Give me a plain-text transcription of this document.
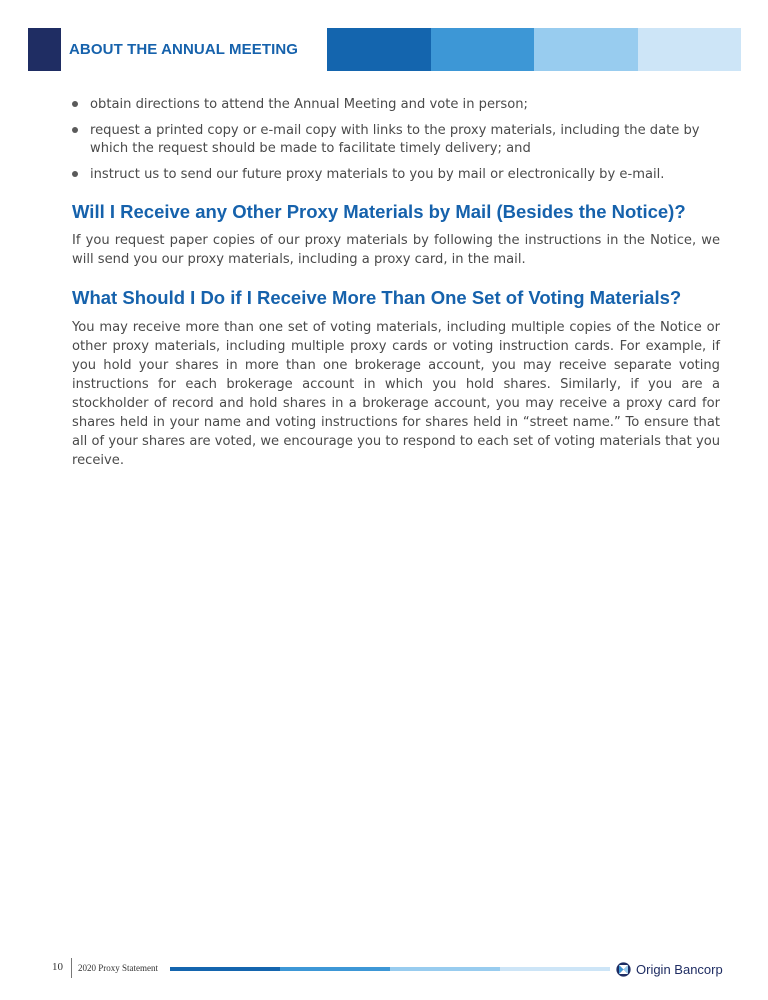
ABOUT THE ANNUAL MEETING
obtain directions to attend the Annual Meeting and vote in person;
request a printed copy or e-mail copy with links to the proxy materials, including the date by which the request should be made to facilitate timely delivery; and
instruct us to send our future proxy materials to you by mail or electronically by e-mail.
Will I Receive any Other Proxy Materials by Mail (Besides the Notice)?

If you request paper copies of our proxy materials by following the instructions in the Notice, we will send you our proxy materials, including a proxy card, in the mail.

What Should I Do if I Receive More Than One Set of Voting Materials?

You may receive more than one set of voting materials, including multiple copies of the Notice or other proxy materials, including multiple proxy cards or voting instruction cards. For example, if you hold your shares in more than one brokerage account, you may receive separate voting instructions for each brokerage account in which you hold shares. Similarly, if you are a stockholder of record and hold shares in a brokerage account, you may receive a proxy card for shares held in your name and voting instructions for shares held in “street name.” To ensure that all of your shares are voted, we encourage you to respond to each set of voting materials that you receive.

10 2020 Proxy Statement	Origin Bancorp
